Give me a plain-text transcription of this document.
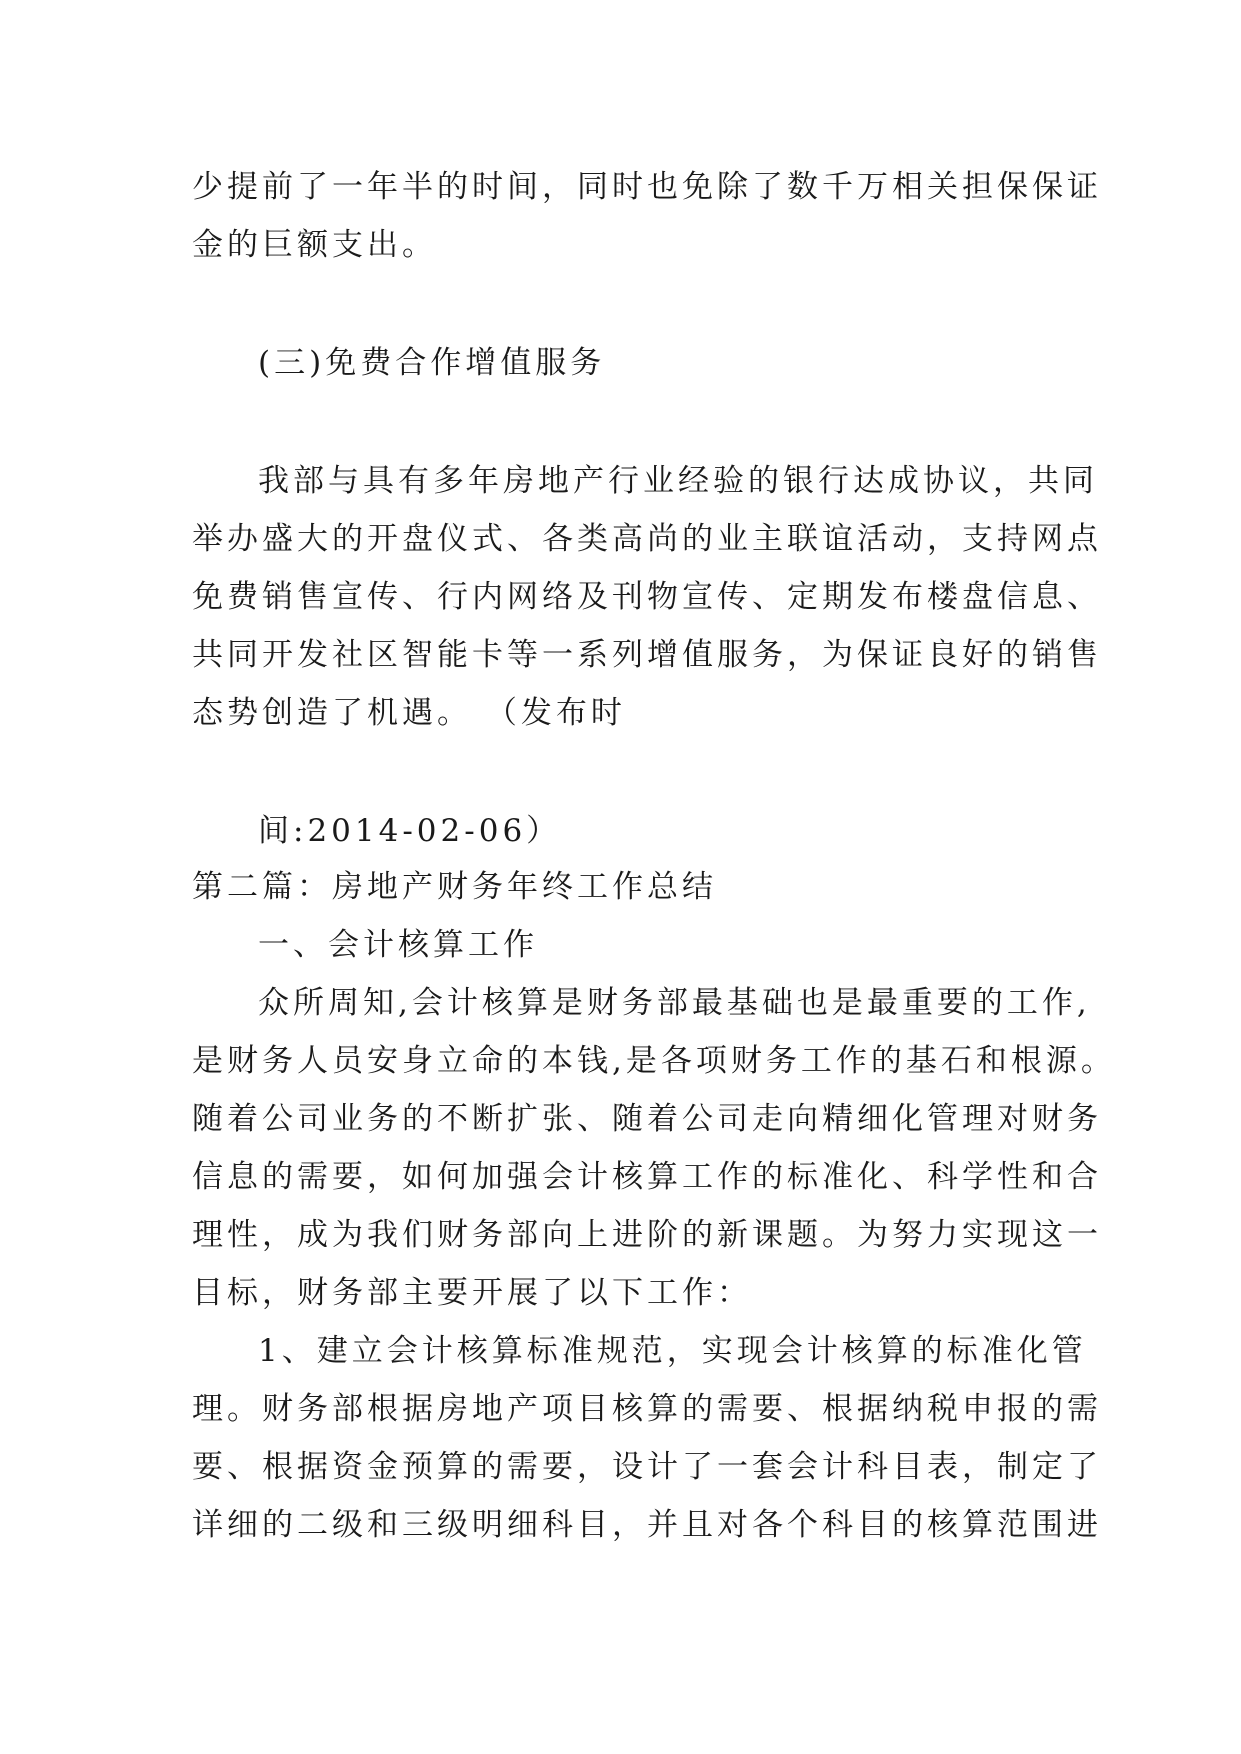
少提前了一年半的时间，同时也免除了数千万相关担保保证
金的巨额支出。
(三)免费合作增值服务
我部与具有多年房地产行业经验的银行达成协议，共同
举办盛大的开盘仪式、各类高尚的业主联谊活动，支持网点
免费销售宣传、行内网络及刊物宣传、定期发布楼盘信息、
共同开发社区智能卡等一系列增值服务，为保证良好的销售
态势创造了机遇。 （发布时
间:2014-02-06）
第二篇：房地产财务年终工作总结
一、会计核算工作
众所周知,会计核算是财务部最基础也是最重要的工作,
是财务人员安身立命的本钱,是各项财务工作的基石和根源。
随着公司业务的不断扩张、随着公司走向精细化管理对财务
信息的需要，如何加强会计核算工作的标准化、科学性和合
理性，成为我们财务部向上进阶的新课题。为努力实现这一
目标，财务部主要开展了以下工作：
1、建立会计核算标准规范，实现会计核算的标准化管
理。财务部根据房地产项目核算的需要、根据纳税申报的需
要、根据资金预算的需要，设计了一套会计科目表，制定了
详细的二级和三级明细科目，并且对各个科目的核算范围进
